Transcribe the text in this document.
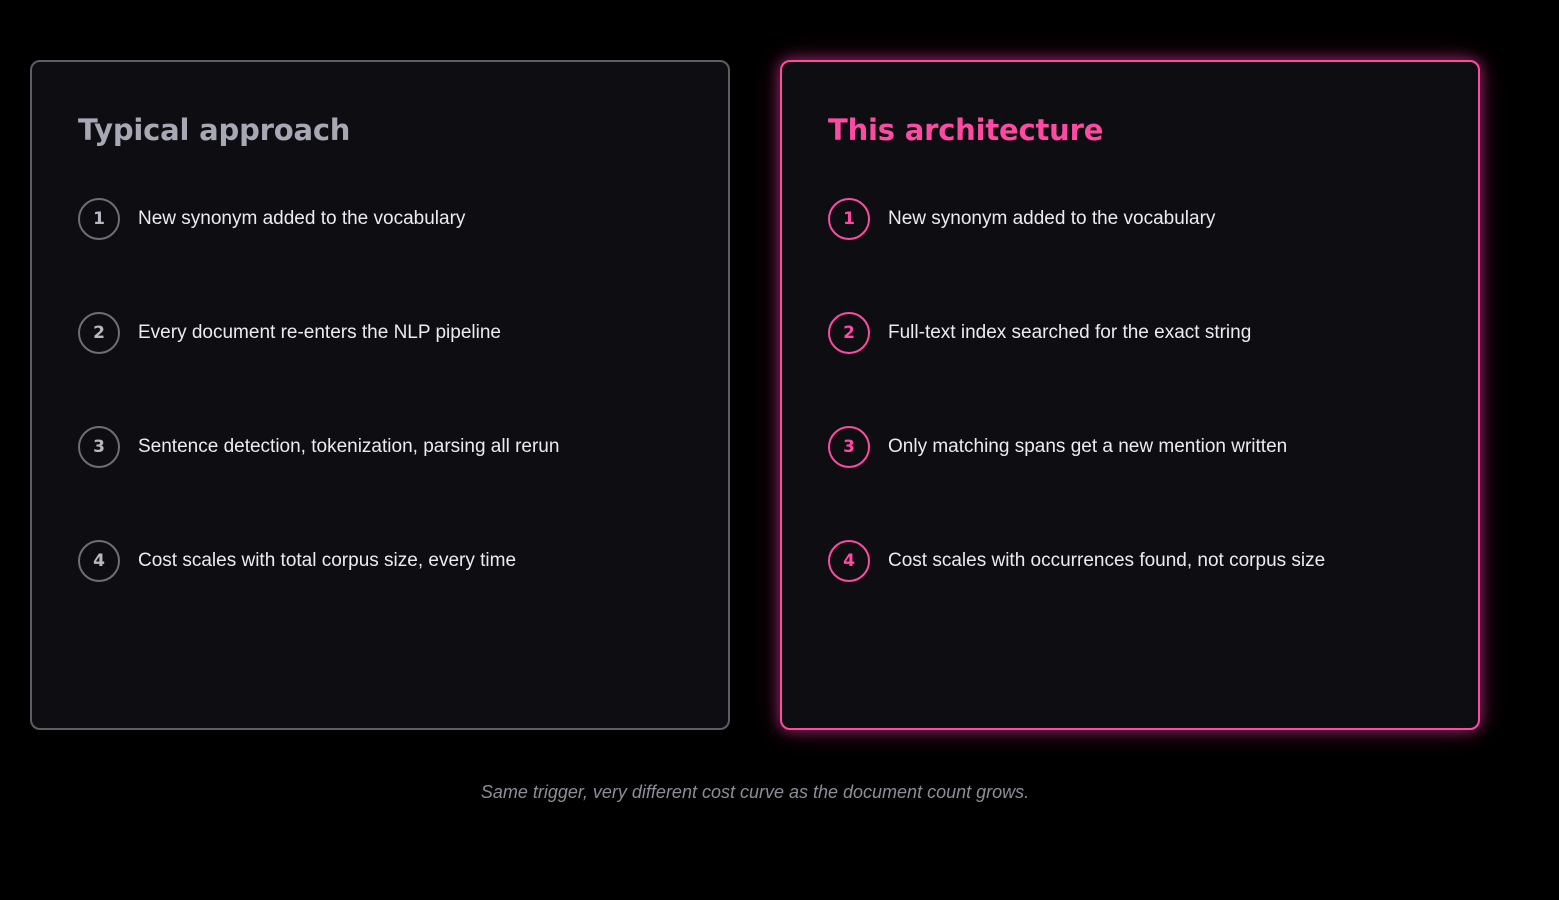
Typical approach
1	New synonym added to the vocabulary
2	Every document re-enters the NLP pipeline
3	Sentence detection, tokenization, parsing all rerun
4	Cost scales with total corpus size, every time
This architecture
1	New synonym added to the vocabulary
2	Full-text index searched for the exact string
3	Only matching spans get a new mention written
4	Cost scales with occurrences found, not corpus size

Same trigger, very different cost curve as the document count grows.
